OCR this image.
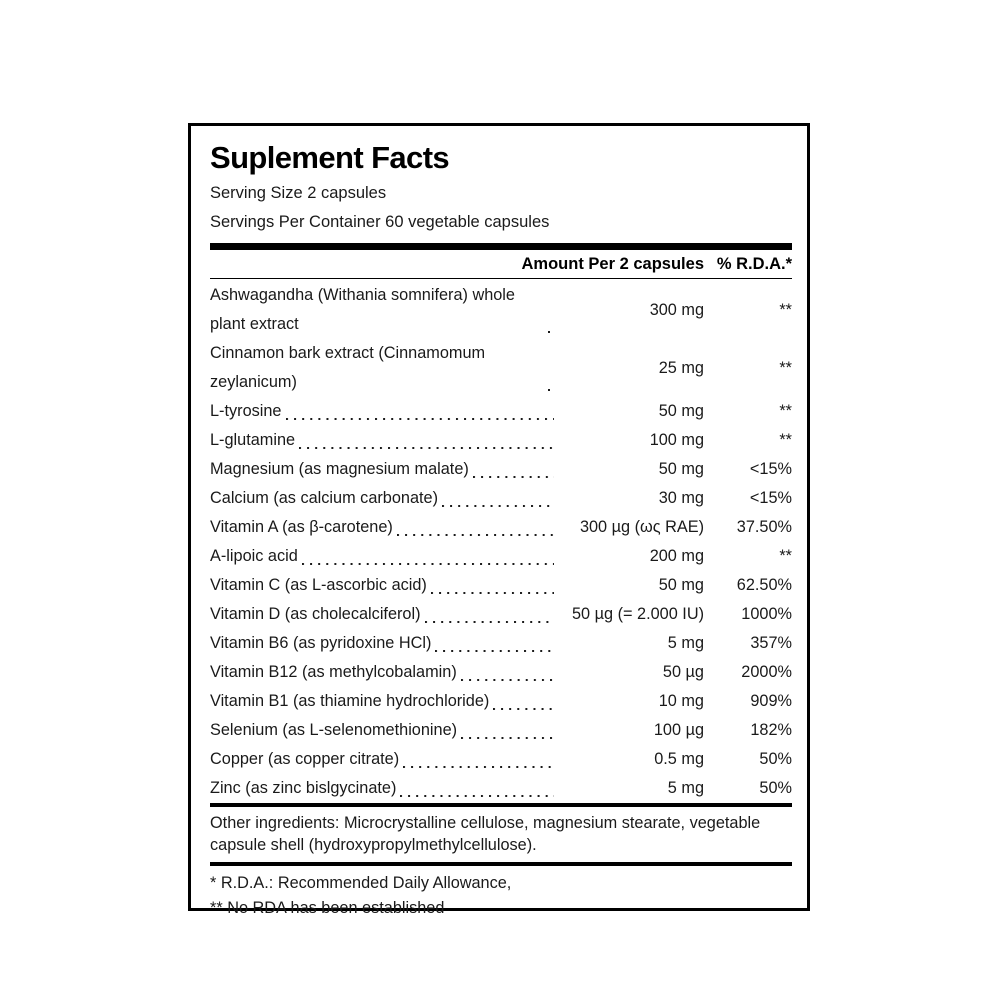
Suplement Facts
Serving Size 2 capsules
Servings Per Container 60 vegetable capsules
Amount Per 2 capsules % R.D.A.*
Ashwagandha (Withania somnifera) whole plant extract
300 mg	**
Cinnamon bark extract (Cinnamomum zeylanicum)
25 mg	**
L-tyrosine	50 mg	**
L-glutamine	100 mg	**
Magnesium (as magnesium malate)	50 mg	<15%
Calcium (as calcium carbonate)	30 mg	<15%
Vitamin A (as β-carotene)	300 µg (ως RAE)	37.50%
A-lipoic acid	200 mg	**
Vitamin C (as L-ascorbic acid)	50 mg	62.50%
Vitamin D (as cholecalciferol)	50 µg (= 2.000 IU)	1000%
Vitamin B6 (as pyridoxine HCl)	5 mg	357%
Vitamin B12 (as methylcobalamin)	50 µg	2000%
Vitamin B1 (as thiamine hydrochloride)	10 mg	909%
Selenium (as L-selenomethionine)	100 µg	182%
Copper (as copper citrate)	0.5 mg	50%
Zinc (as zinc bislgycinate)	5 mg	50%
Other ingredients: Microcrystalline cellulose, magnesium stearate, vegetable capsule shell (hydroxypropylmethylcellulose).
* R.D.A.: Recommended Daily Allowance,
** No RDA has been established
